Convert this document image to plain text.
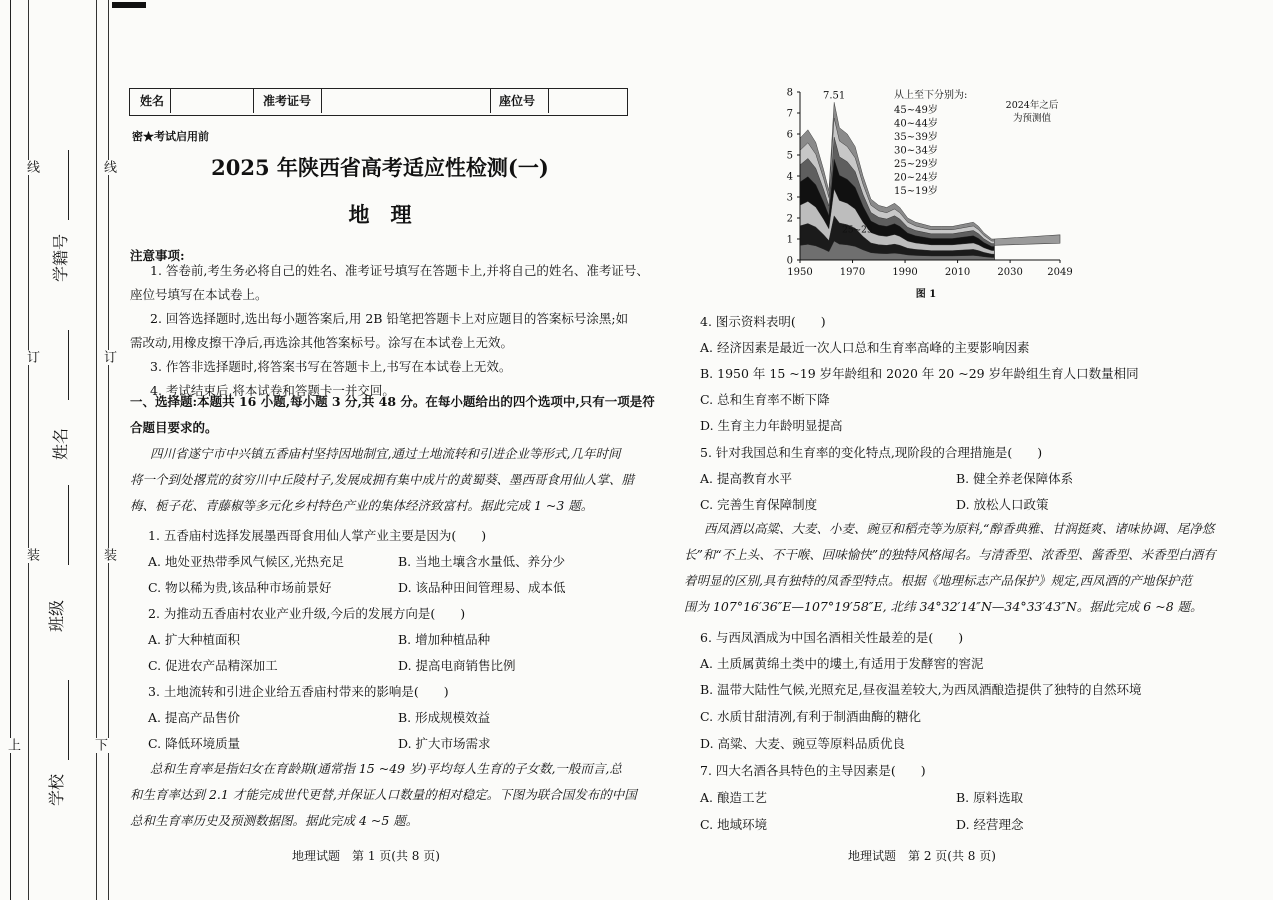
线
订
装
上
线
订
装
下
学籍号
姓名
班级
学校
姓名	准考证号	座位号
密★考试启用前
2025 年陕西省高考适应性检测(一)
地　理
注意事项:
1. 答卷前,考生务必将自己的姓名、准考证号填写在答题卡上,并将自己的姓名、准考证号、
座位号填写在本试卷上。
2. 回答选择题时,选出每小题答案后,用 2B 铅笔把答题卡上对应题目的答案标号涂黑;如
需改动,用橡皮擦干净后,再选涂其他答案标号。涂写在本试卷上无效。
3. 作答非选择题时,将答案书写在答题卡上,书写在本试卷上无效。
4. 考试结束后,将本试卷和答题卡一并交回。
一、选择题:本题共 16 小题,每小题 3 分,共 48 分。在每小题给出的四个选项中,只有一项是符
合题目要求的。
四川省遂宁市中兴镇五香庙村坚持因地制宜,通过土地流转和引进企业等形式,几年时间
将一个到处撂荒的贫穷川中丘陵村子,发展成拥有集中成片的黄蜀葵、墨西哥食用仙人掌、腊
梅、栀子花、青藤椒等多元化乡村特色产业的集体经济致富村。据此完成 1 ~3 题。
1. 五香庙村选择发展墨西哥食用仙人掌产业主要是因为(　　)
A. 地处亚热带季风气候区,光热充足	B. 当地土壤含水量低、养分少
C. 物以稀为贵,该品种市场前景好	D. 该品种田间管理易、成本低
2. 为推动五香庙村农业产业升级,今后的发展方向是(　　)
A. 扩大种植面积	B. 增加种植品种
C. 促进农产品精深加工	D. 提高电商销售比例
3. 土地流转和引进企业给五香庙村带来的影响是(　　)
A. 提高产品售价	B. 形成规模效益
C. 降低环境质量	D. 扩大市场需求
总和生育率是指妇女在育龄期(通常指 15 ~49 岁)平均每人生育的子女数,一般而言,总
和生育率达到 2.1 才能完成世代更替,并保证人口数量的相对稳定。下图为联合国发布的中国
总和生育率历史及预测数据图。据此完成 4 ~5 题。
地理试题　第 1 页(共 8 页)
8
7
6
5
4
3
2
1
0
1950	1970	1990	2010	2030 2049
7.51
25~29
从上至下分别为:
45~49岁
40~44岁
35~39岁
30~34岁
25~29岁
20~24岁
15~19岁
2024年之后
为预测值
图 1
4. 图示资料表明(　　)
A. 经济因素是最近一次人口总和生育率高峰的主要影响因素
B. 1950 年 15 ~19 岁年龄组和 2020 年 20 ~29 岁年龄组生育人口数量相同
C. 总和生育率不断下降
D. 生育主力年龄明显提高
5. 针对我国总和生育率的变化特点,现阶段的合理措施是(　　)
A. 提高教育水平	B. 健全养老保障体系
C. 完善生育保障制度	D. 放松人口政策
西凤酒以高粱、大麦、小麦、豌豆和稻壳等为原料,“醇香典雅、甘润挺爽、诸味协调、尾净悠
长”和“不上头、不干喉、回味愉快”的独特风格闻名。与清香型、浓香型、酱香型、米香型白酒有
着明显的区别,具有独特的凤香型特点。根据《地理标志产品保护》规定,西凤酒的产地保护范
围为 107°16′36″E—107°19′58″E, 北纬 34°32′14″N—34°33′43″N。据此完成 6 ~8 题。
6. 与西凤酒成为中国名酒相关性最差的是(　　)
A. 土质属黄绵土类中的塿土,有适用于发酵窖的窖泥
B. 温带大陆性气候,光照充足,昼夜温差较大,为西凤酒酿造提供了独特的自然环境
C. 水质甘甜清冽,有利于制酒曲酶的糖化
D. 高粱、大麦、豌豆等原料品质优良
7. 四大名酒各具特色的主导因素是(　　)
A. 酿造工艺	B. 原料选取
C. 地域环境	D. 经营理念
地理试题　第 2 页(共 8 页)
